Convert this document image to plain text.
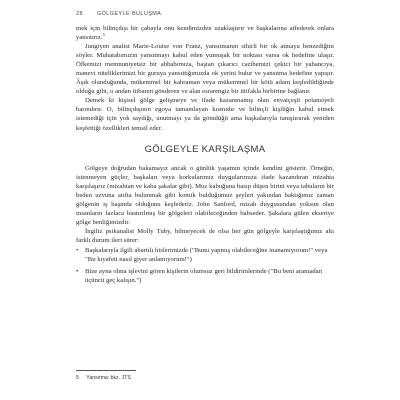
28	GÖLGEYLE BULUŞMA

mek için bilinçdışı bir çabayla onu kendimizden uzaklaştırır ve başkalarına atfederek onlara yansıtırız.$^5$

Jungiyen analist Marie-Louise von Franz, yansıtmanın sihirli bir ok atmaya benzediğini söyler. Muhatabımızın yansıtmayı kabul eden yumuşak bir noktası varsa ok hedefine ulaşır. Öfkemizi memnuniyetsiz bir ahbabımıza, baştan çıkarıcı cazibemizi çekici bir yabancıya, manevi niteliklerimizi bir guruya yansıttığımızda ok yerini bulur ve yansıtma hedefine yapışır. Âşık olunduğunda, mükemmel bir kahraman veya mükemmel bir kötü adam keşfedildiğinde olduğu gibi, o andan itibaren gönderen ve alan esrarengiz bir ittifakla birbirine bağlanır.

Demek ki kişisel gölge gelişmeye ve ifade kazanmamış olan envaiçeşit potansiyeli barındırır. O, bilinçdışının egoya tamamlayan kısmıdır ve bilinçli kişiliğin kabul etmek istemediği için yok saydığı, unutmayı ya da gömdüğü ama başkalarıyla tanıştırarak yeniden keşfettiği özellikleri temsil eder.

GÖLGEYLE KARŞILAŞMA

Gölgeye doğrudan bakamayız ancak o günlük yaşamın içinde kendini gösterir. Örneğin, istenmeyen güçler, başkaları veya korkularımız duygularımıza ifade kazandıran mizahta karşılaşırız (mizahtan ve kaba şakalar gibi). Muz kabuğuna basıp düşen birini veya tabuların bir beden uzvuna atıfta bulunmak gibi komik bulduğumuz şeyleri yakından baktığımız zaman gölgenin iş başında olduğunu keşfederiz. John Sanford, mizah duygusundan yoksun olan insanların fazlaca bastırılmış bir gölgeleri olabileceğinden bahseder. Şakalara gülen ekseriye gölge benliğimizdir.

İngiliz psikanalist Molly Tuby, bilmeyecek de olsa her gün gölgeyle karşılaştığımız altı farklı durum ileri sürer:

• Başkalarıyla ilgili abartılı hislerimizde ("Bunu yapmış olabileceğine inanamıyorum!" veya "Bu kıyafeti nasıl giyer anlamıyorum!")
• Bize ayna olma işlevini gören kişilerin olumsuz geri bildirimlerinde ("Bu beni aramadan üçüncü geç kalışın.")
5 Yansıtma: bkz. JTS
